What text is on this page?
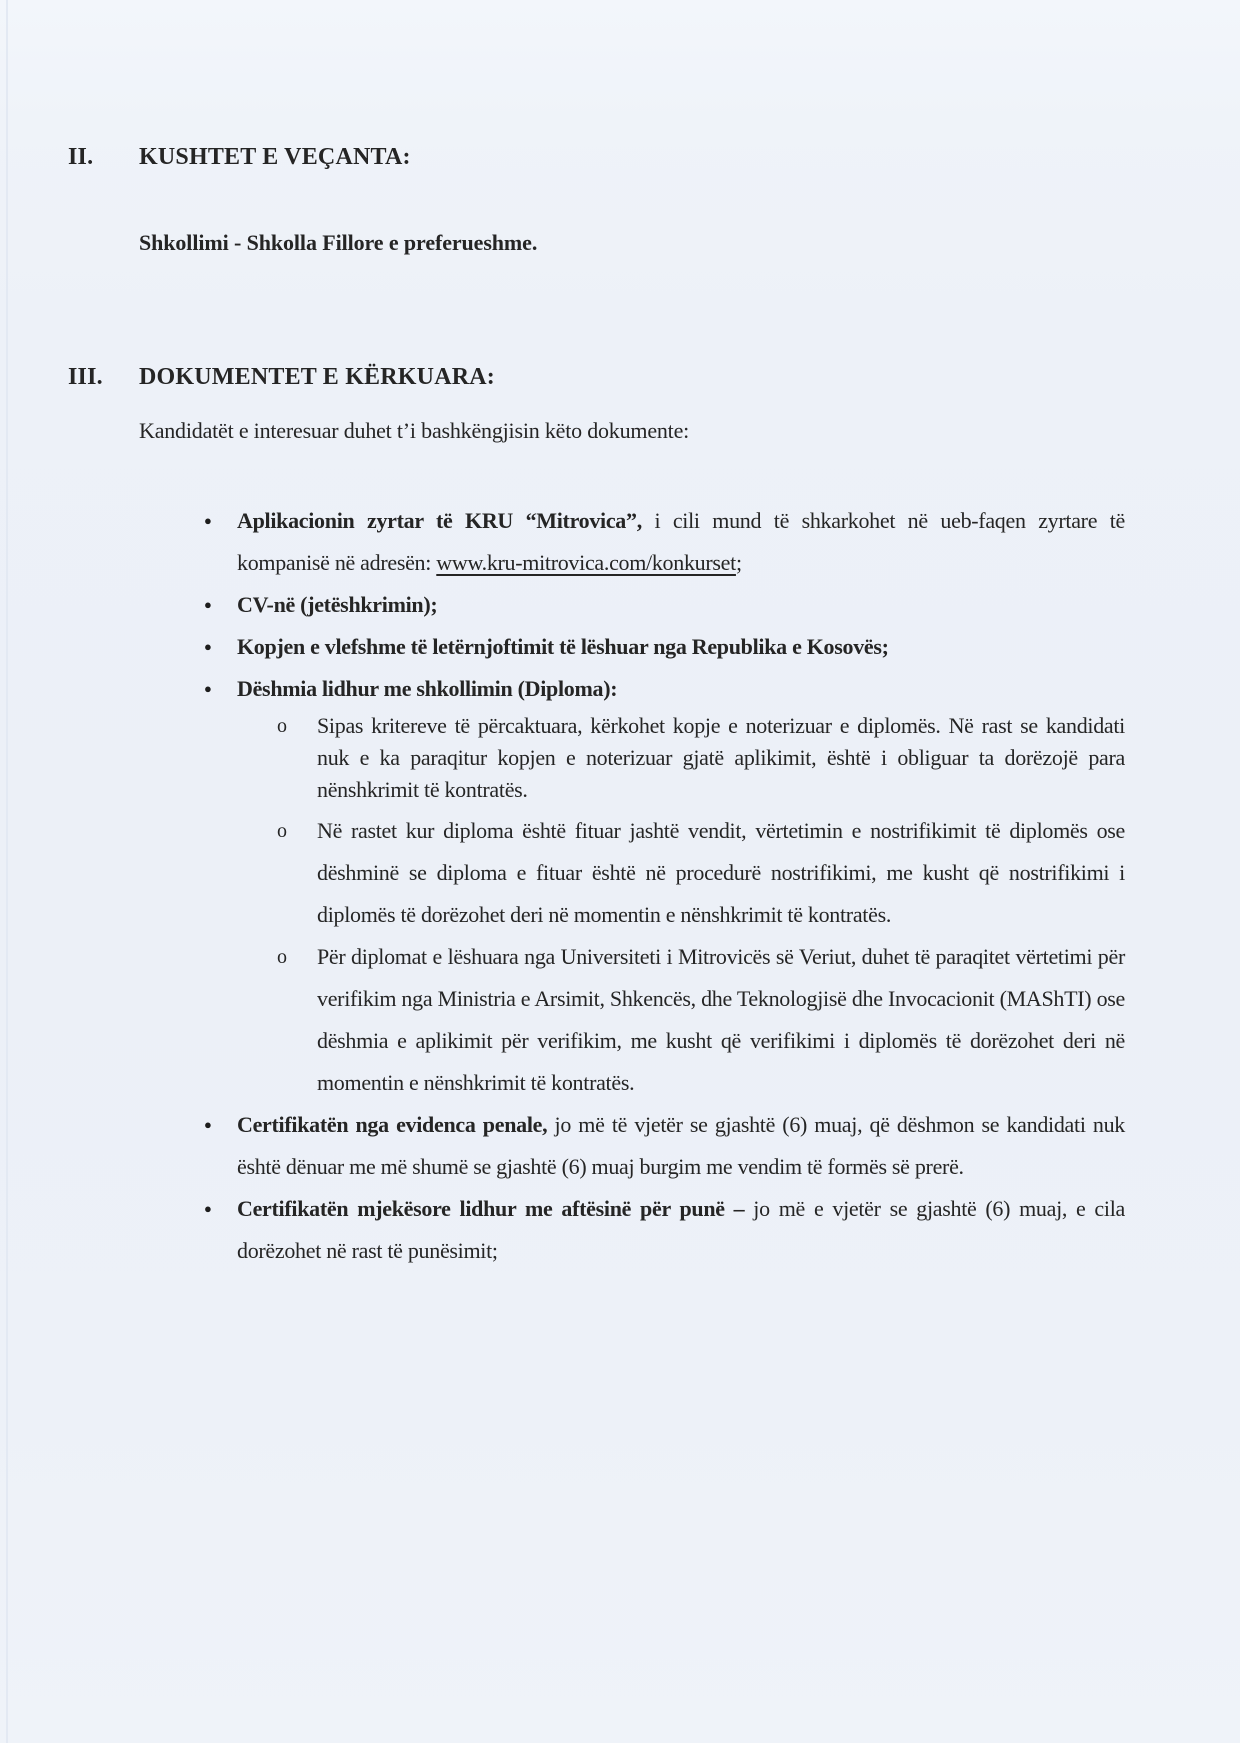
II.	KUSHTET E VEÇANTA:
Shkollimi - Shkolla Fillore e preferueshme.
III.	DOKUMENTET E KËRKUARA:
Kandidatët e interesuar duhet t’i bashkëngjisin këto dokumente:
● Aplikacionin zyrtar të KRU “Mitrovica”, i cili mund të shkarkohet në ueb-faqen zyrtare të kompanisë në adresën: www.kru-mitrovica.com/konkurset;

● CV-në (jetëshkrimin);

● Kopjen e vlefshme të letërnjoftimit të lëshuar nga Republika e Kosovës;

● Dëshmia lidhur me shkollimin (Diploma):

o Sipas kritereve të përcaktuara, kërkohet kopje e noterizuar e diplomës. Në rast se kandidati nuk e ka paraqitur kopjen e noterizuar gjatë aplikimit, është i obliguar ta dorëzojë para nënshkrimit të kontratës.

o Në rastet kur diploma është fituar jashtë vendit, vërtetimin e nostrifikimit të diplomës ose dëshminë se diploma e fituar është në procedurë nostrifikimi, me kusht që nostrifikimi i diplomës të dorëzohet deri në momentin e nënshkrimit të kontratës.

o Për diplomat e lëshuara nga Universiteti i Mitrovicës së Veriut, duhet të paraqitet vërtetimi për verifikim nga Ministria e Arsimit, Shkencës, dhe Teknologjisë dhe Invocacionit (MAShTI) ose dëshmia e aplikimit për verifikim, me kusht që verifikimi i diplomës të dorëzohet deri në momentin e nënshkrimit të kontratës.

● Certifikatën nga evidenca penale, jo më të vjetër se gjashtë (6) muaj, që dëshmon se kandidati nuk është dënuar me më shumë se gjashtë (6) muaj burgim me vendim të formës së prerë.

● Certifikatën mjekësore lidhur me aftësinë për punë – jo më e vjetër se gjashtë (6) muaj, e cila dorëzohet në rast të punësimit;
